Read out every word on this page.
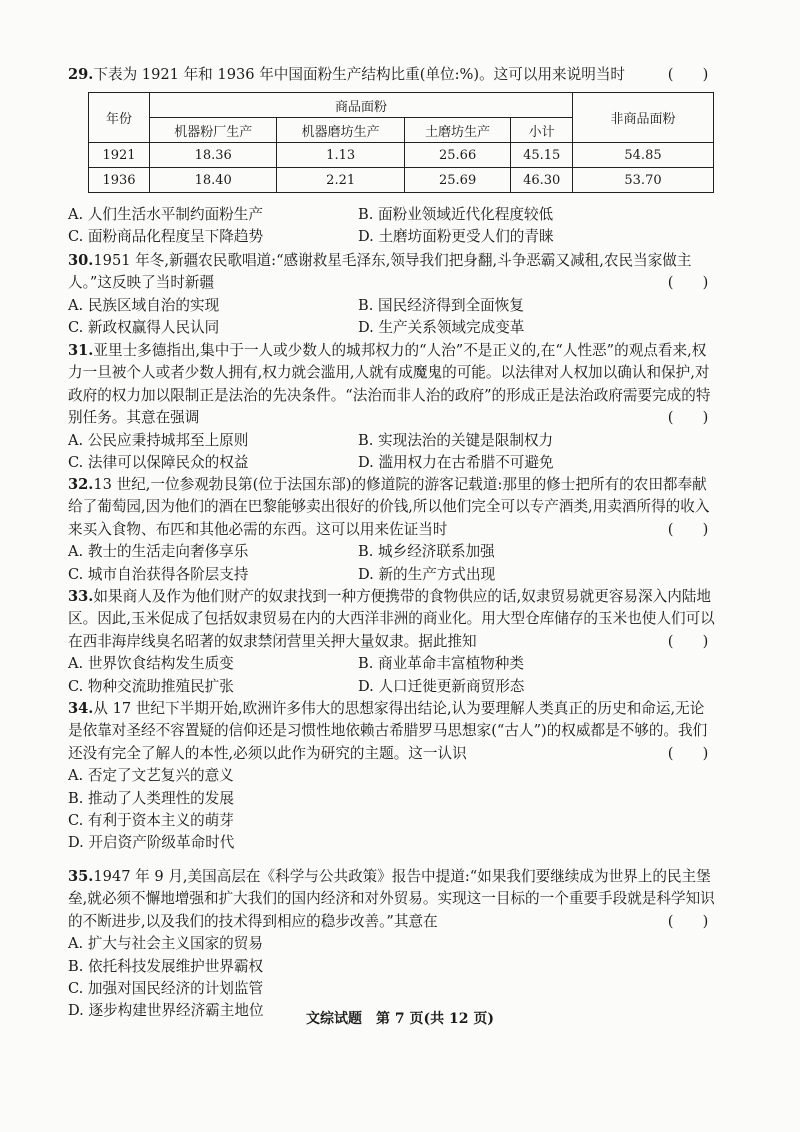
(　　)
29.下表为 1921 年和 1936 年中国面粉生产结构比重(单位:%)。这可以用来说明当时
年份	商品面粉				非商品面粉
	机器粉厂生产	机器磨坊生产	土磨坊生产	小计	
1921	18.36	1.13	25.66	45.15	54.85
1936	18.40	2.21	25.69	46.30	53.70
A. 人们生活水平制约面粉生产	B. 面粉业领域近代化程度较低
C. 面粉商品化程度呈下降趋势	D. 土磨坊面粉更受人们的青睐
30.1951 年冬,新疆农民歌唱道:“感谢救星毛泽东,领导我们把身翻,斗争恶霸又减租,农民当家做主人。”这反映了当时新疆	(　　)
A. 民族区域自治的实现	B. 国民经济得到全面恢复
C. 新政权赢得人民认同	D. 生产关系领域完成变革
31.亚里士多德指出,集中于一人或少数人的城邦权力的“人治”不是正义的,在“人性恶”的观点看来,权力一旦被个人或者少数人拥有,权力就会滥用,人就有成魔鬼的可能。以法律对人权加以确认和保护,对政府的权力加以限制正是法治的先决条件。“法治而非人治的政府”的形成正是法治政府需要完成的特别任务。其意在强调	(　　)
A. 公民应秉持城邦至上原则	B. 实现法治的关键是限制权力
C. 法律可以保障民众的权益	D. 滥用权力在古希腊不可避免
32.13 世纪,一位参观勃艮第(位于法国东部)的修道院的游客记载道:那里的修士把所有的农田都奉献给了葡萄园,因为他们的酒在巴黎能够卖出很好的价钱,所以他们完全可以专产酒类,用卖酒所得的收入来买入食物、布匹和其他必需的东西。这可以用来佐证当时	(　　)
A. 教士的生活走向奢侈享乐	B. 城乡经济联系加强
C. 城市自治获得各阶层支持	D. 新的生产方式出现
33.如果商人及作为他们财产的奴隶找到一种方便携带的食物供应的话,奴隶贸易就更容易深入内陆地区。因此,玉米促成了包括奴隶贸易在内的大西洋非洲的商业化。用大型仓库储存的玉米也使人们可以在西非海岸线臭名昭著的奴隶禁闭营里关押大量奴隶。据此推知	(　　)
A. 世界饮食结构发生质变	B. 商业革命丰富植物种类
C. 物种交流助推殖民扩张	D. 人口迁徙更新商贸形态
34.从 17 世纪下半期开始,欧洲许多伟大的思想家得出结论,认为要理解人类真正的历史和命运,无论是依靠对圣经不容置疑的信仰还是习惯性地依赖古希腊罗马思想家(“古人”)的权威都是不够的。我们还没有完全了解人的本性,必须以此作为研究的主题。这一认识	(　　)
A. 否定了文艺复兴的意义
B. 推动了人类理性的发展
C. 有利于资本主义的萌芽
D. 开启资产阶级革命时代
35.1947 年 9 月,美国高层在《科学与公共政策》报告中提道:“如果我们要继续成为世界上的民主堡垒,就必须不懈地增强和扩大我们的国内经济和对外贸易。实现这一目标的一个重要手段就是科学知识的不断进步,以及我们的技术得到相应的稳步改善。”其意在	(　　)
A. 扩大与社会主义国家的贸易
B. 依托科技发展维护世界霸权
C. 加强对国民经济的计划监管
D. 逐步构建世界经济霸主地位	文综试题　第 7 页(共 12 页)
